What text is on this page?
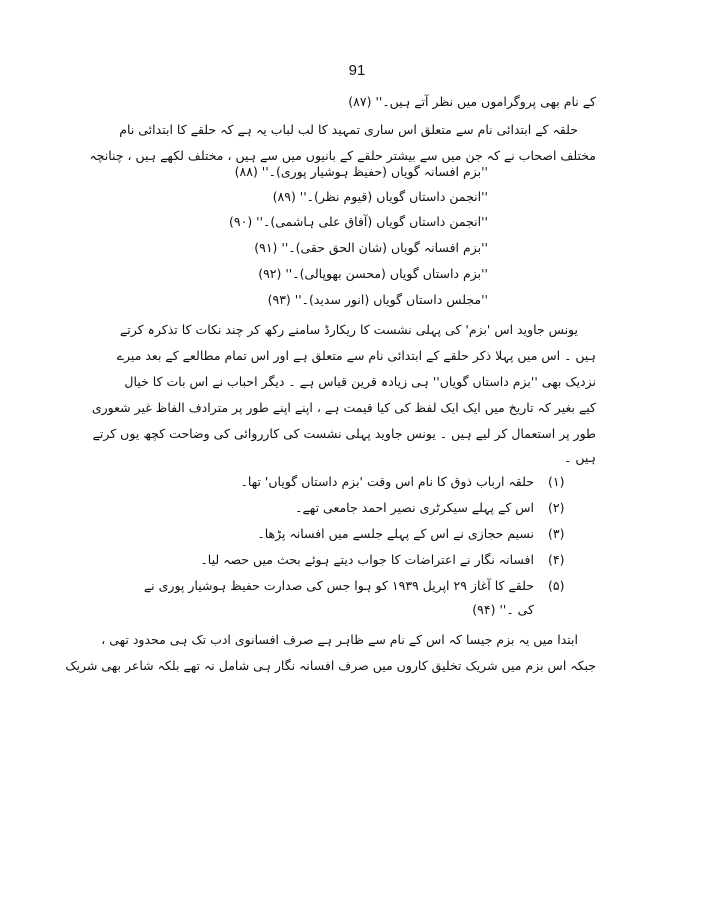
91
کے نام بھی پروگراموں میں نظر آتے ہیں۔'' (۸۷)
حلقہ کے ابتدائی نام سے متعلق اس ساری تمہید کا لب لباب یہ ہے کہ حلقے کا ابتدائی نام
مختلف اصحاب نے کہ جن میں سے بیشتر حلقے کے بانیوں میں سے ہیں ، مختلف لکھے ہیں ، چنانچہ
''بزم افسانہ گویاں (حفیظ ہوشیار پوری)۔'' (۸۸)
''انجمن داستاں گویاں (قیوم نظر)۔'' (۸۹)
''انجمن داستاں گویاں (آفاق علی ہاشمی)۔'' (۹۰)
''بزم افسانہ گویاں (شان الحق حقی)۔'' (۹۱)
''بزم داستاں گویاں (محسن بھوپالی)۔'' (۹۲)
''مجلس داستاں گویاں (انور سدید)۔'' (۹۳)
یونس جاوید اس 'بزم' کی پہلی نشست کا ریکارڈ سامنے رکھ کر چند نکات کا تذکرہ کرتے
ہیں ۔ اس میں پہلا ذکر حلقے کے ابتدائی نام سے متعلق ہے اور اس تمام مطالعے کے بعد میرے
نزدیک بھی ''بزم داستاں گویاں'' ہی زیادہ قرین قیاس ہے ۔ دیگر احباب نے اس بات کا خیال
کیے بغیر کہ تاریخ میں ایک ایک لفظ کی کیا قیمت ہے ، اپنے اپنے طور پر مترادف الفاظ غیر شعوری
طور پر استعمال کر لیے ہیں ۔ یونس جاوید پہلی نشست کی کارروائی کی وضاحت کچھ یوں کرتے
ہیں ۔
(۱)
حلقہ ارباب ذوق کا نام اس وقت 'بزم داستاں گویاں' تھا۔
(۲)
اس کے پہلے سیکرٹری نصیر احمد جامعی تھے۔
(۳)
نسیم حجازی نے اس کے پہلے جلسے میں افسانہ پڑھا۔
(۴)
افسانہ نگار نے اعتراضات کا جواب دیتے ہوئے بحث میں حصہ لیا۔
(۵)
حلقے کا آغاز ۲۹ اپریل ۱۹۳۹ کو ہوا جس کی صدارت حفیظ ہوشیار پوری نے
کی ۔'' (۹۴)
ابتدا میں یہ بزم جیسا کہ اس کے نام سے ظاہر ہے صرف افسانوی ادب تک ہی محدود تھی ،
جبکہ اس بزم میں شریک تخلیق کاروں میں صرف افسانہ نگار ہی شامل نہ تھے بلکہ شاعر بھی شریک
